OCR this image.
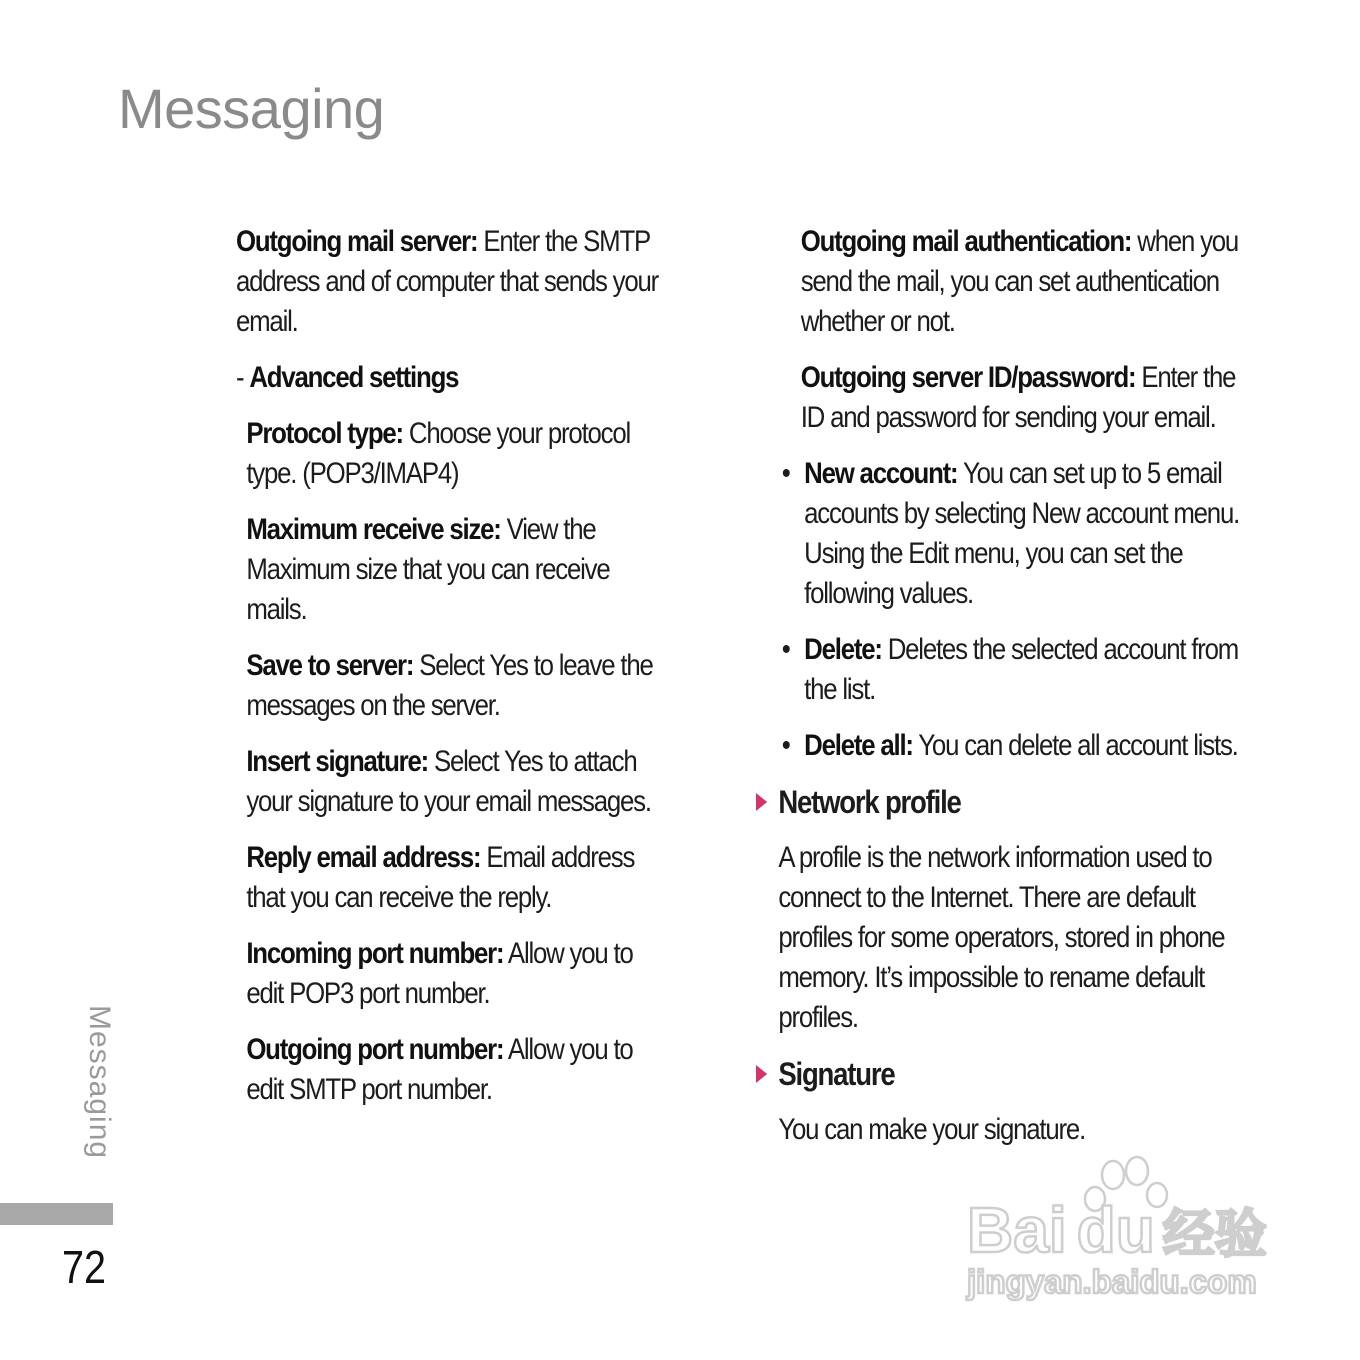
Messaging

Outgoing mail server: Enter the SMTP address and of computer that sends your email.

- Advanced settings

Protocol type: Choose your protocol type. (POP3/IMAP4)

Maximum receive size: View the Maximum size that you can receive mails.

Save to server: Select Yes to leave the messages on the server.

Insert signature: Select Yes to attach your signature to your email messages.

Reply email address: Email address that you can receive the reply.

Incoming port number: Allow you to edit POP3 port number.

Outgoing port number: Allow you to edit SMTP port number.

Outgoing mail authentication: when you send the mail, you can set authentication whether or not.

Outgoing server ID/password: Enter the ID and password for sending your email.

• New account: You can set up to 5 email accounts by selecting New account menu. Using the Edit menu, you can set the following values.

• Delete: Deletes the selected account from the list.

• Delete all: You can delete all account lists.

Network profile

A profile is the network information used to connect to the Internet. There are default profiles for some operators, stored in phone memory. It’s impossible to rename default profiles.

Signature

You can make your signature.

Messaging

72

Bai du 经验
jingyan.baidu.com
